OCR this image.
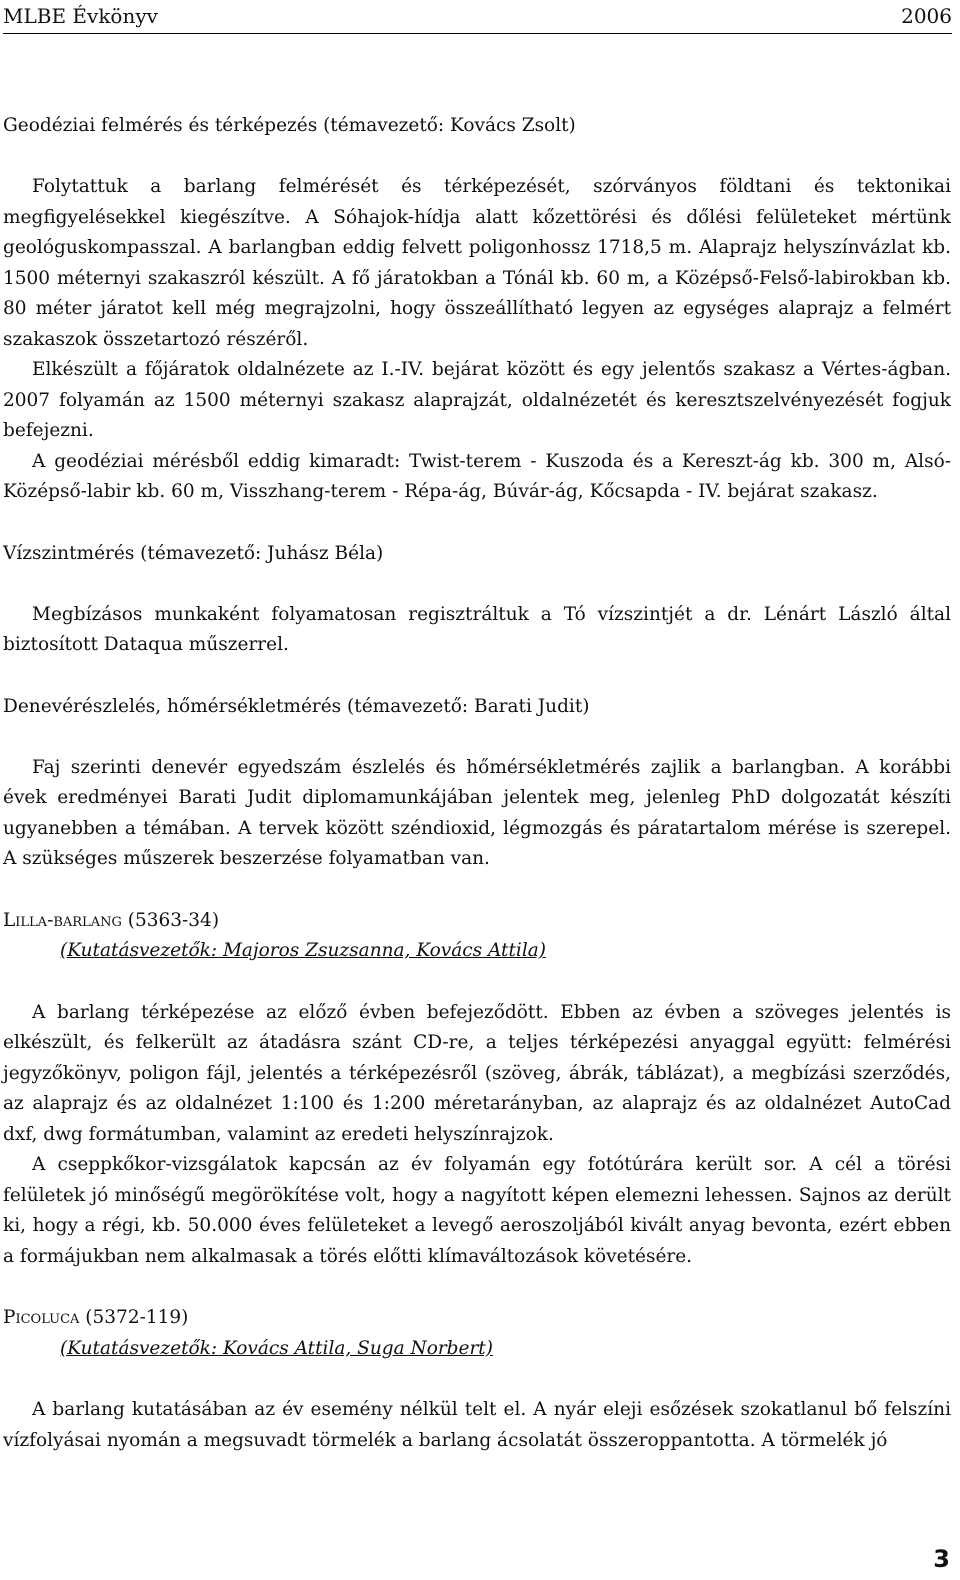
MLBE Évkönyv	2006
Geodéziai felmérés és térképezés (témavezető: Kovács Zsolt)

Folytattuk a barlang felmérését és térképezését, szórványos földtani és tektonikai megfigyelésekkel kiegészítve. A Sóhajok-hídja alatt kőzettörési és dőlési felületeket mértünk geológuskompasszal. A barlangban eddig felvett poligonhossz 1718,5 m. Alaprajz helyszínvázlat kb. 1500 méternyi szakaszról készült. A fő járatokban a Tónál kb. 60 m, a Középső-Felső-labirokban kb. 80 méter járatot kell még megrajzolni, hogy összeállítható legyen az egységes alaprajz a felmért szakaszok összetartozó részéről.

Elkészült a főjáratok oldalnézete az I.-IV. bejárat között és egy jelentős szakasz a Vértes-ágban. 2007 folyamán az 1500 méternyi szakasz alaprajzát, oldalnézetét és keresztszelvényezését fogjuk befejezni.

A geodéziai mérésből eddig kimaradt: Twist-terem - Kuszoda és a Kereszt-ág kb. 300 m, Alsó-Középső-labir kb. 60 m, Visszhang-terem - Répa-ág, Búvár-ág, Kőcsapda - IV. bejárat szakasz.

Vízszintmérés (témavezető: Juhász Béla)

Megbízásos munkaként folyamatosan regisztráltuk a Tó vízszintjét a dr. Lénárt László által biztosított Dataqua műszerrel.

Denevérészlelés, hőmérsékletmérés (témavezető: Barati Judit)

Faj szerinti denevér egyedszám észlelés és hőmérsékletmérés zajlik a barlangban. A korábbi évek eredményei Barati Judit diplomamunkájában jelentek meg, jelenleg PhD dolgozatát készíti ugyanebben a témában. A tervek között széndioxid, légmozgás és páratartalom mérése is szerepel. A szükséges műszerek beszerzése folyamatban van.

Lilla-barlang (5363-34)
(Kutatásvezetők: Majoros Zsuzsanna, Kovács Attila)

A barlang térképezése az előző évben befejeződött. Ebben az évben a szöveges jelentés is elkészült, és felkerült az átadásra szánt CD-re, a teljes térképezési anyaggal együtt: felmérési jegyzőkönyv, poligon fájl, jelentés a térképezésről (szöveg, ábrák, táblázat), a megbízási szerződés, az alaprajz és az oldalnézet 1:100 és 1:200 méretarányban, az alaprajz és az oldalnézet AutoCad dxf, dwg formátumban, valamint az eredeti helyszínrajzok.

A cseppkőkor-vizsgálatok kapcsán az év folyamán egy fotótúrára került sor. A cél a törési felületek jó minőségű megörökítése volt, hogy a nagyított képen elemezni lehessen. Sajnos az derült ki, hogy a régi, kb. 50.000 éves felületeket a levegő aeroszoljából kivált anyag bevonta, ezért ebben a formájukban nem alkalmasak a törés előtti klímaváltozások követésére.

Picoluca (5372-119)
(Kutatásvezetők: Kovács Attila, Suga Norbert)

A barlang kutatásában az év esemény nélkül telt el. A nyár eleji esőzések szokatlanul bő felszíni vízfolyásai nyomán a megsuvadt törmelék a barlang ácsolatát összeroppantotta. A törmelék jó

3
